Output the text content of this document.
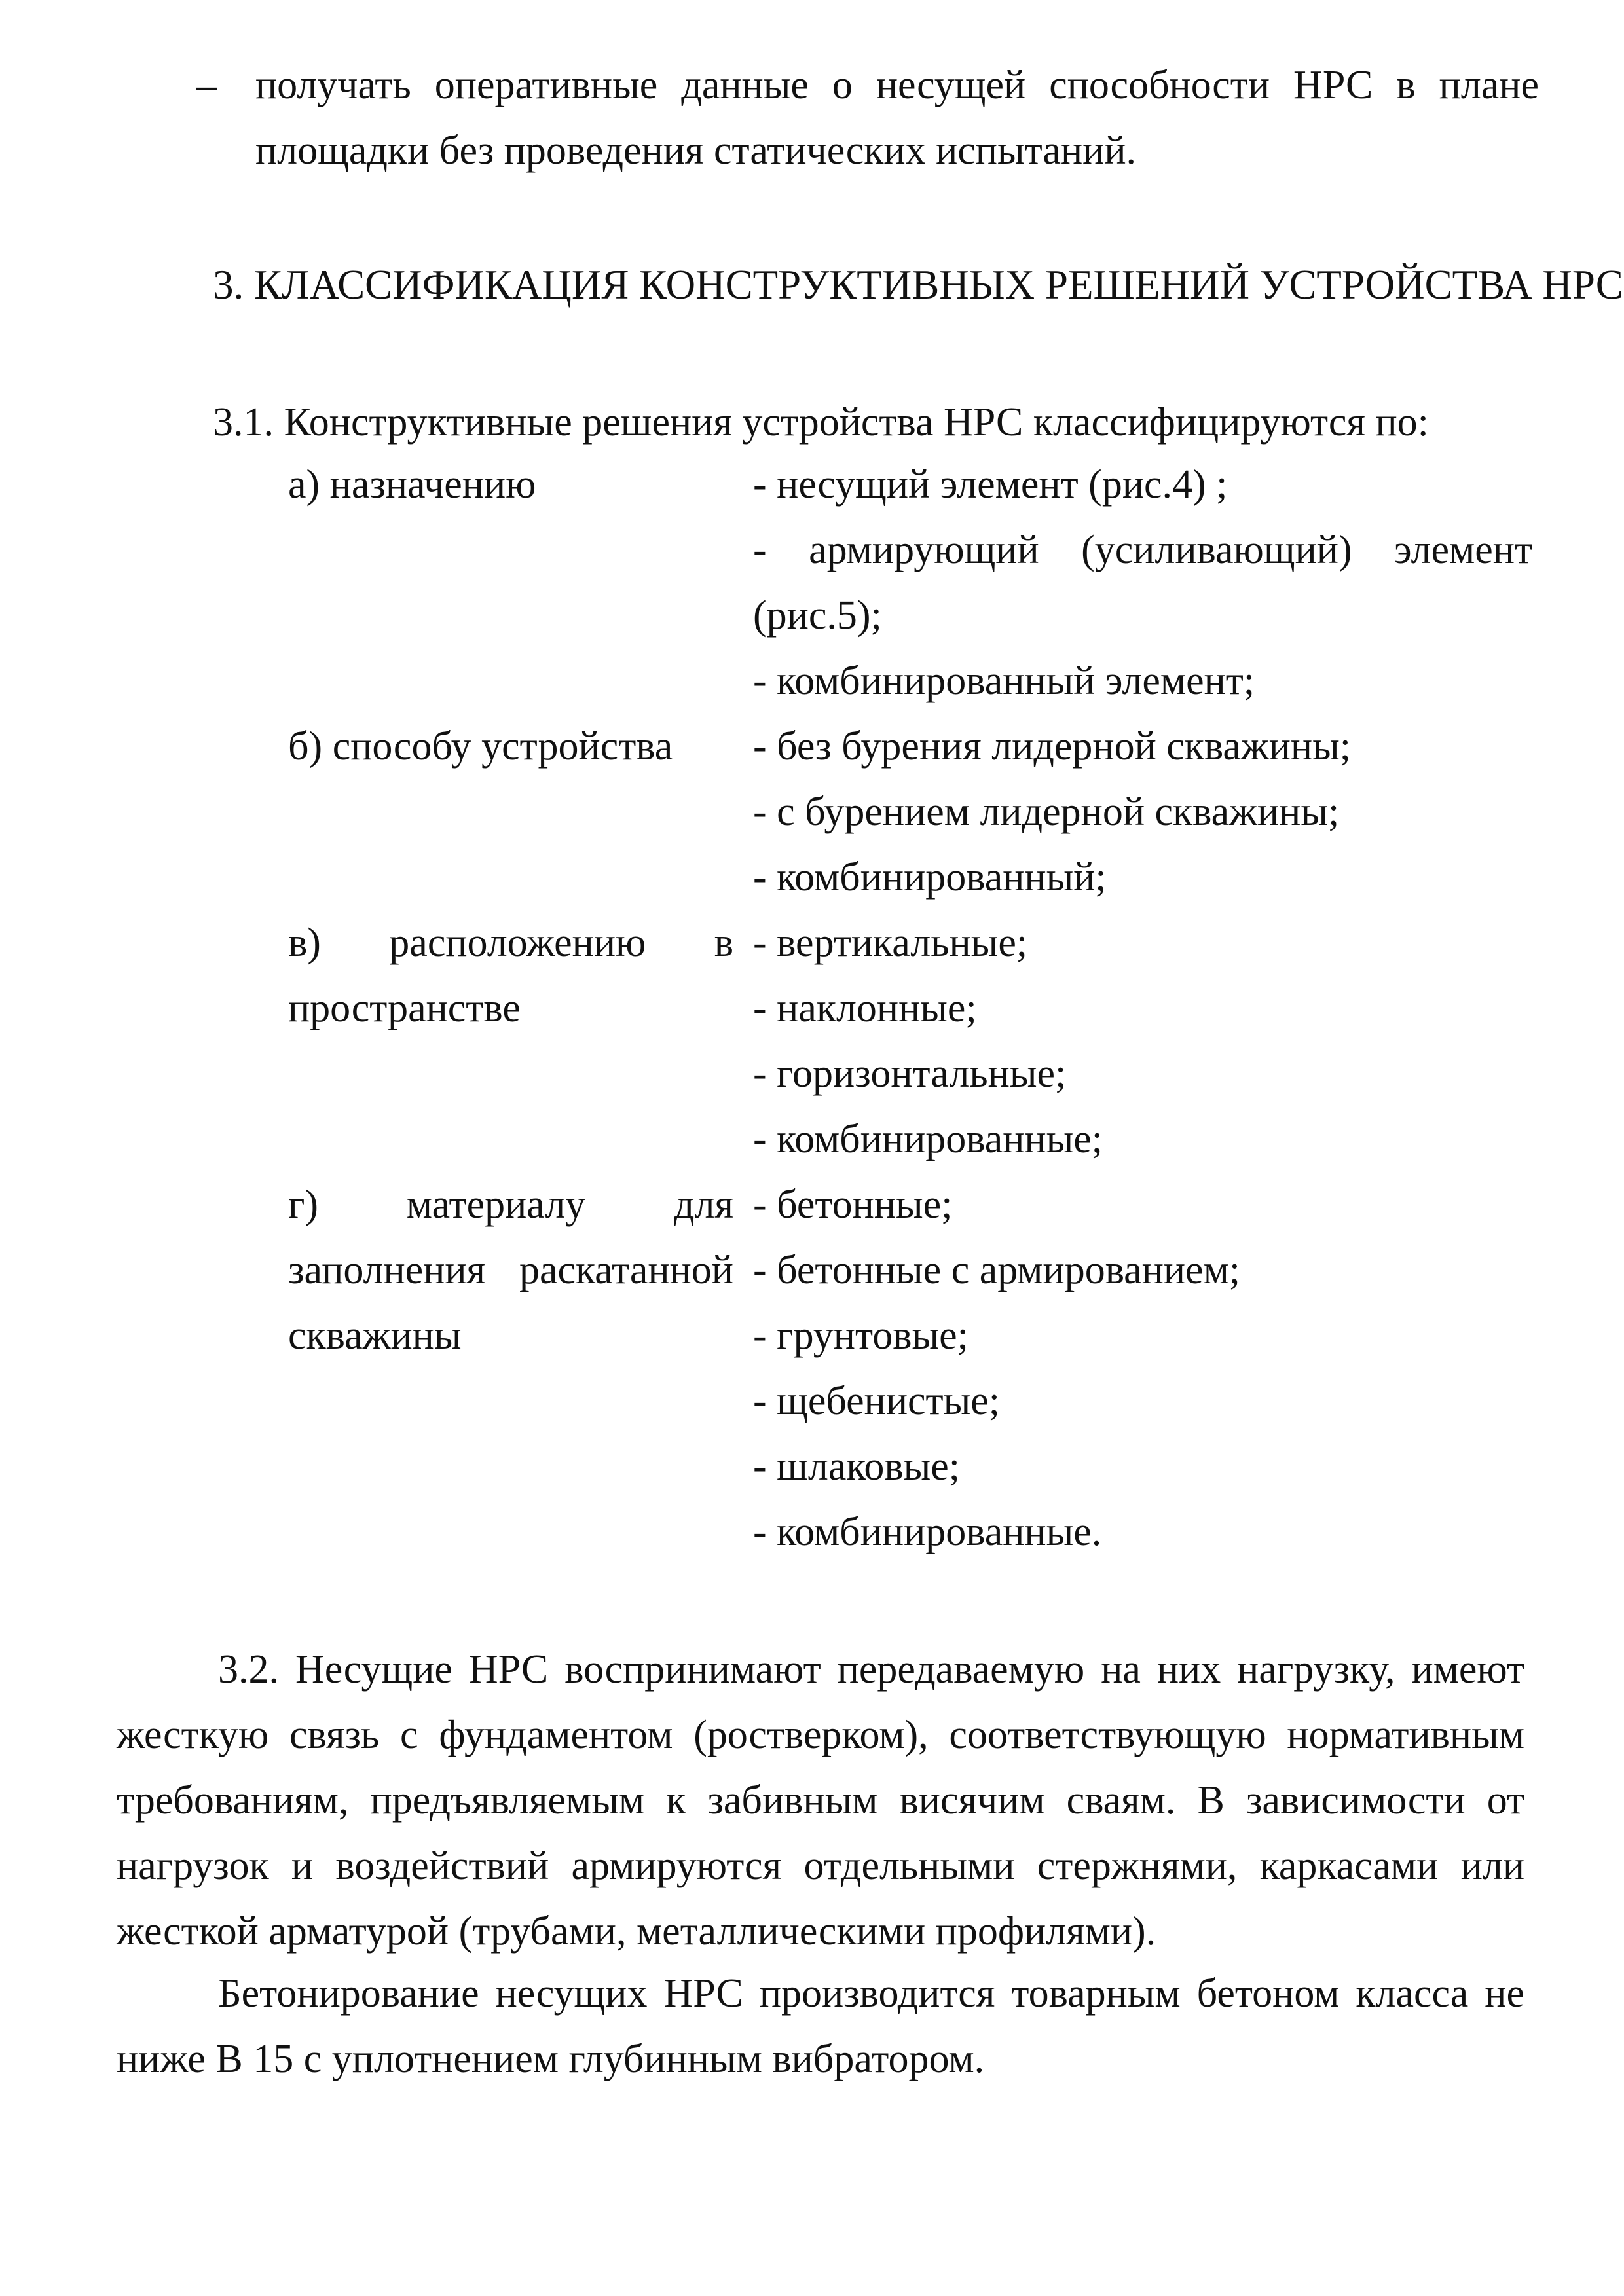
– получать оперативные данные о несущей способности НРС в плане площадки без проведения статических испытаний.
3. КЛАССИФИКАЦИЯ КОНСТРУКТИВНЫХ РЕШЕНИЙ УСТРОЙСТВА НРС
3.1. Конструктивные решения устройства НРС классифицируются по:
а) назначению	- несущий элемент (рис.4) ;
- армирующий (усиливающий) элемент (рис.5);
- комбинированный элемент;
б) способу устройства	- без бурения лидерной скважины;
- с бурением лидерной скважины;
- комбинированный;
в) расположению в пространстве
- вертикальные;
- наклонные;
- горизонтальные;
- комбинированные;
г) материалу для заполнения раскатанной скважины
- бетонные;
- бетонные с армированием;
- грунтовые;
- щебенистые;
- шлаковые;
- комбинированные.
3.2. Несущие НРС воспринимают передаваемую на них нагрузку, имеют жесткую связь с фундаментом (ростверком), соответствующую нормативным требованиям, предъявляемым к забивным висячим сваям. В зависимости от нагрузок и воздействий армируются отдельными стержнями, каркасами или жесткой арматурой (трубами, металлическими профилями).
Бетонирование несущих НРС производится товарным бетоном класса не ниже В 15 с уплотнением глубинным вибратором.
